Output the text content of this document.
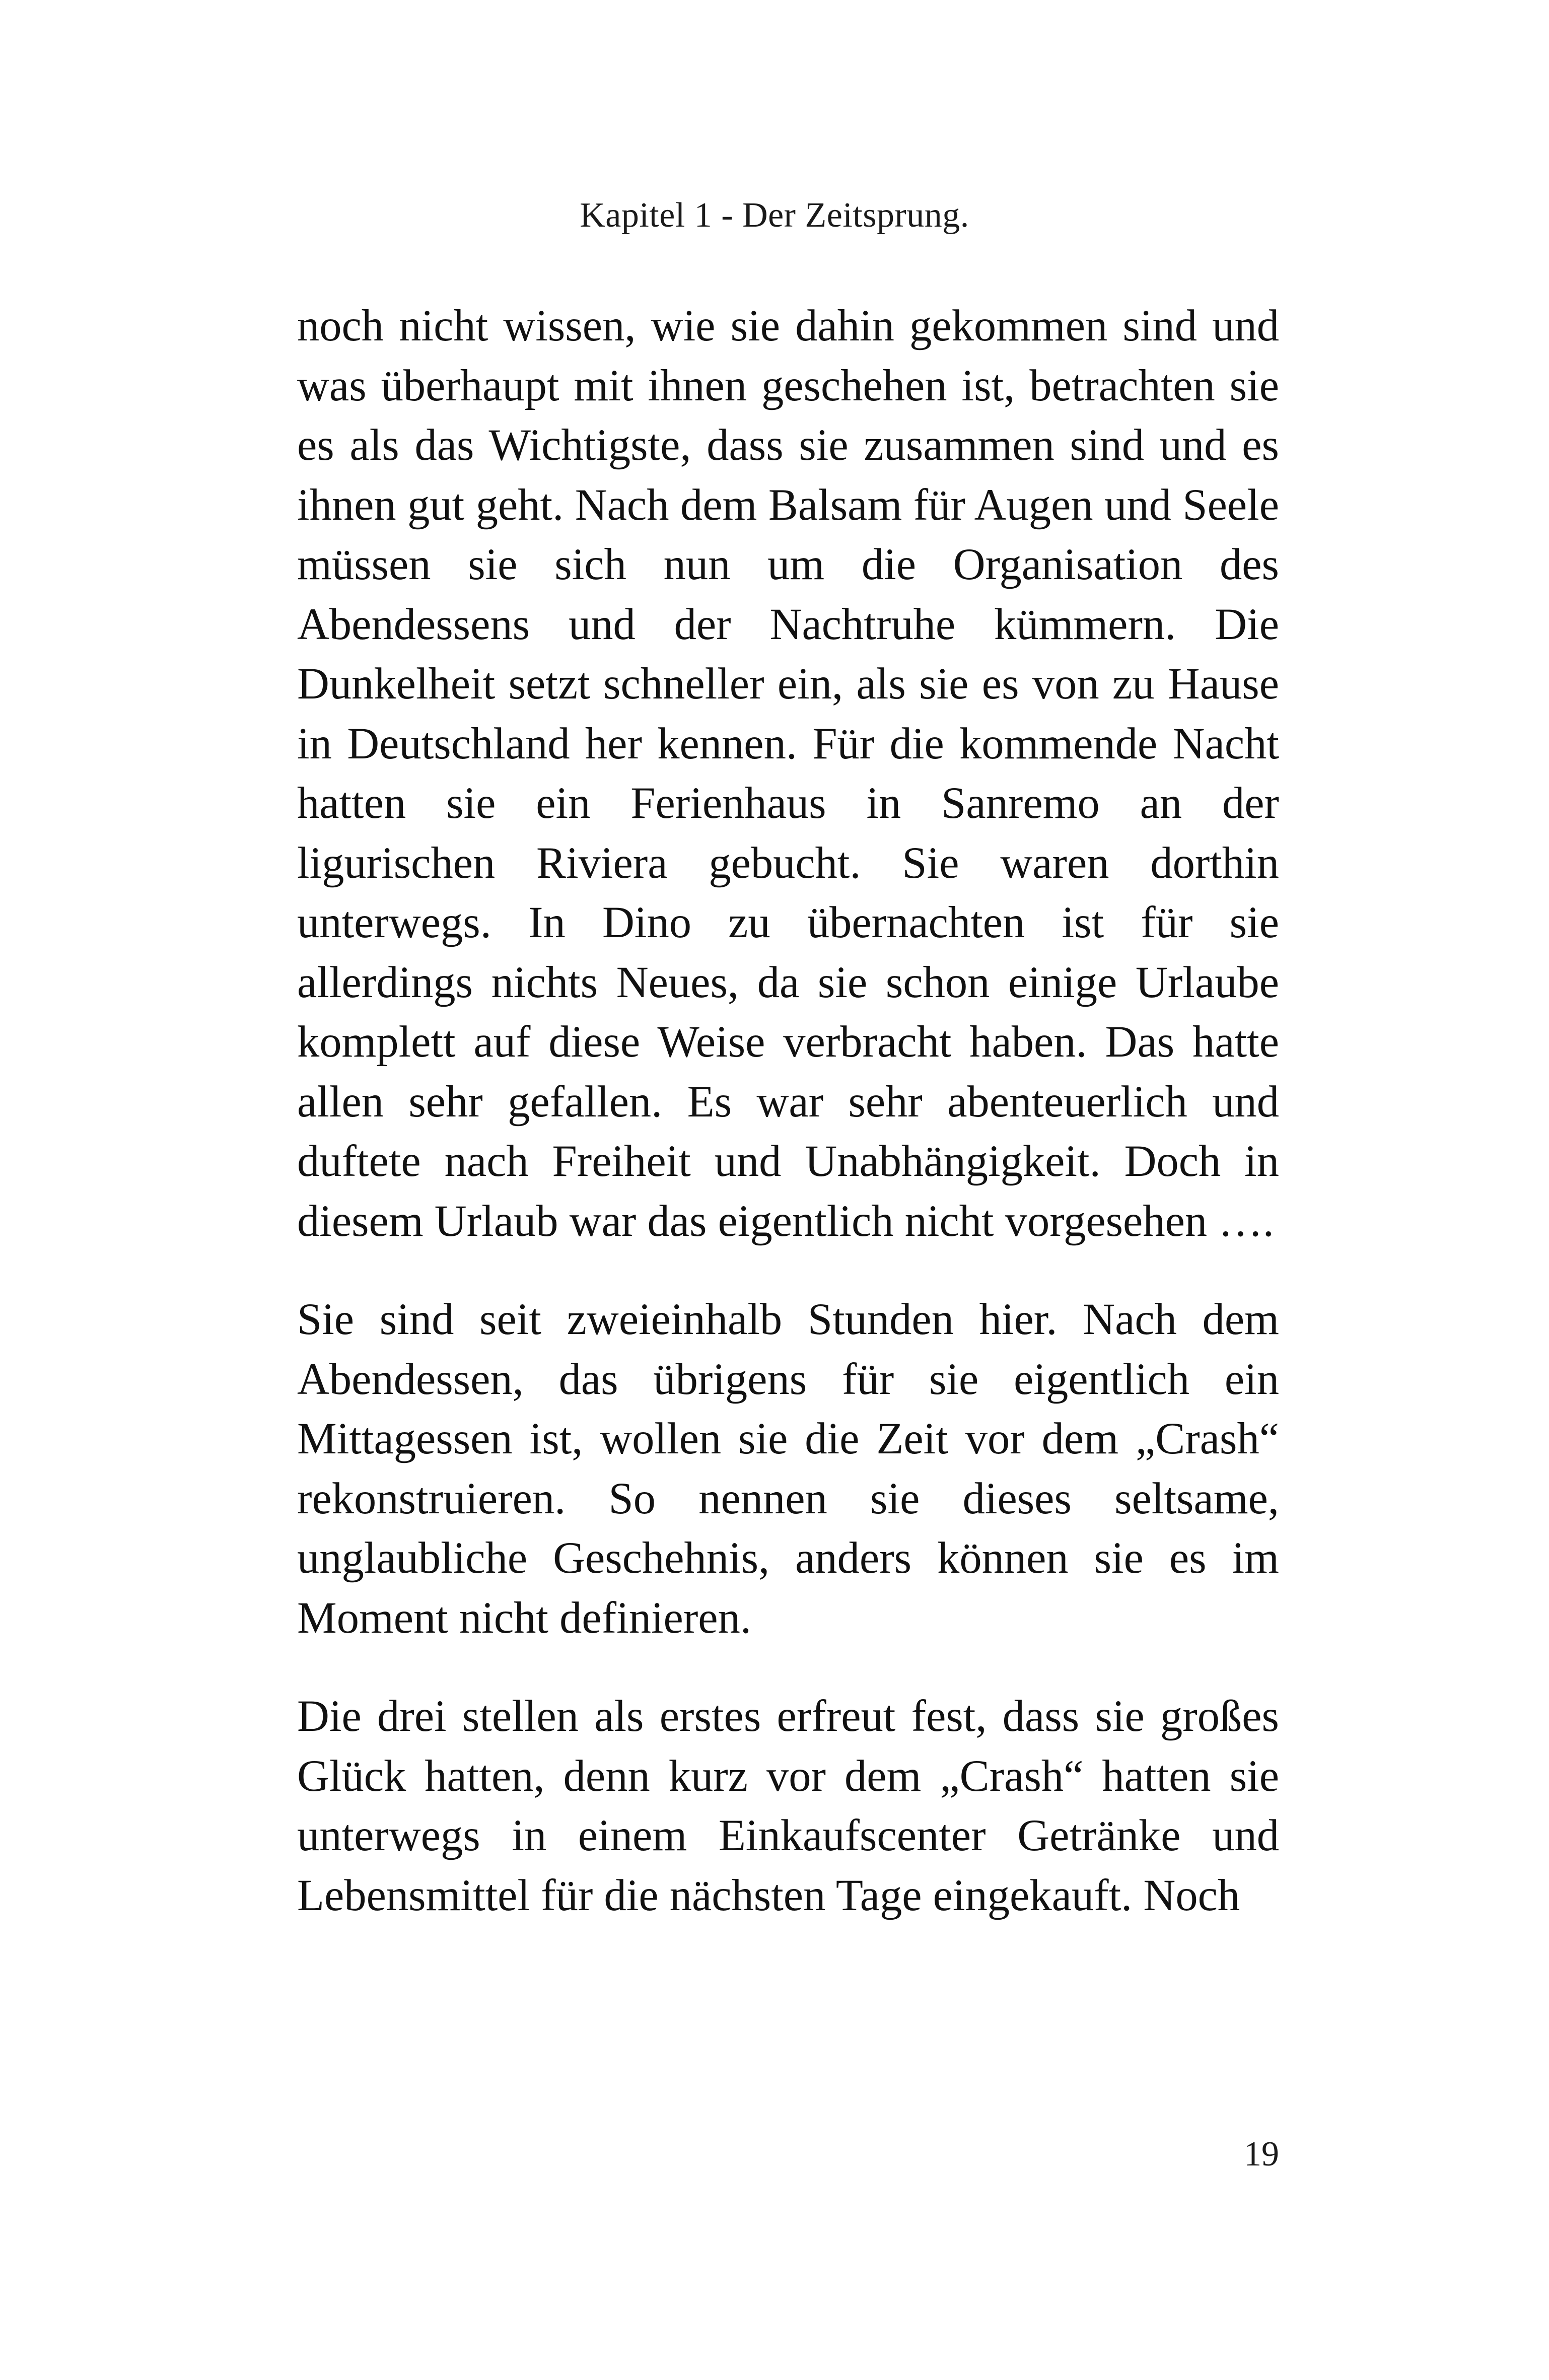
Kapitel 1 - Der Zeitsprung.

noch nicht wissen, wie sie dahin gekommen sind und was überhaupt mit ihnen geschehen ist, betrachten sie es als das Wichtigste, dass sie zusammen sind und es ihnen gut geht. Nach dem Balsam für Augen und Seele müssen sie sich nun um die Organisation des Abendessens und der Nachtruhe kümmern. Die Dunkelheit setzt schneller ein, als sie es von zu Hause in Deutschland her kennen. Für die kommende Nacht hatten sie ein Ferienhaus in Sanremo an der ligurischen Riviera gebucht. Sie waren dorthin unterwegs. In Dino zu übernachten ist für sie allerdings nichts Neues, da sie schon einige Urlaube komplett auf diese Weise verbracht haben. Das hatte allen sehr gefallen. Es war sehr abenteuerlich und duftete nach Freiheit und Unabhängigkeit. Doch in diesem Urlaub war das eigentlich nicht vorgesehen ….

Sie sind seit zweieinhalb Stunden hier. Nach dem Abendessen, das übrigens für sie eigentlich ein Mittagessen ist, wollen sie die Zeit vor dem „Crash“ rekonstruieren. So nennen sie dieses seltsame, unglaubliche Geschehnis, anders können sie es im Moment nicht definieren.

Die drei stellen als erstes erfreut fest, dass sie großes Glück hatten, denn kurz vor dem „Crash“ hatten sie unterwegs in einem Einkaufscenter Getränke und Lebensmittel für die nächsten Tage eingekauft. Noch

19
